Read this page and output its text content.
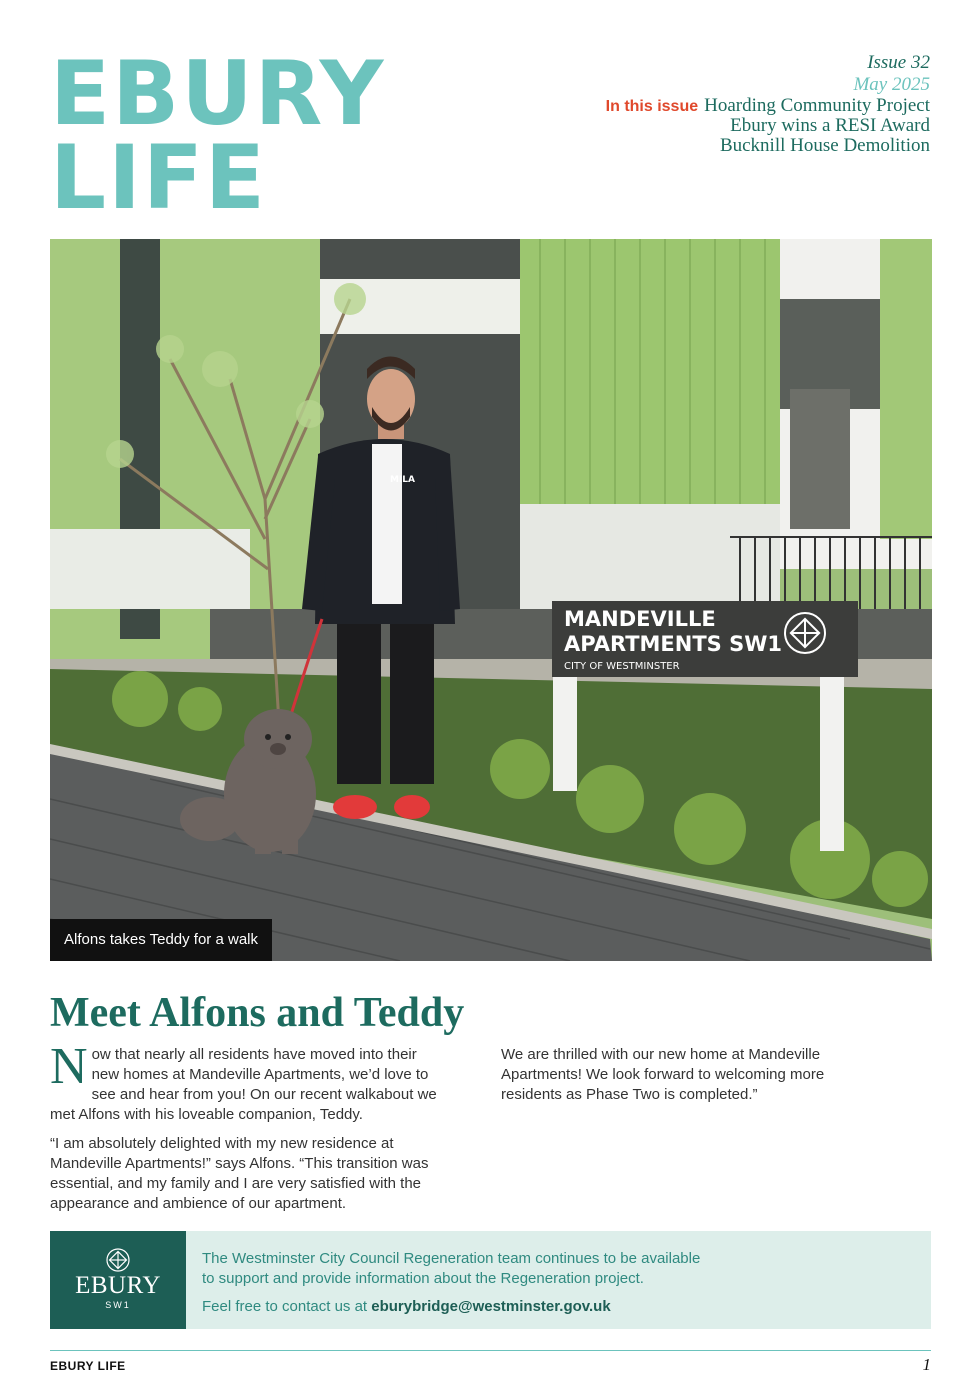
EBURY
LIFE
Issue 32
May 2025
In this issue Hoarding Community Project
Ebury wins a RESI Award
Bucknill House Demolition
MANDEVILLE
APARTMENTS SW1
CITY OF WESTMINSTER
MILA
Alfons takes Teddy for a walk
Meet Alfons and Teddy

Now that nearly all residents have moved into their new homes at Mandeville Apartments, we’d love to see and hear from you! On our recent walkabout we met Alfons with his loveable companion, Teddy.

“I am absolutely delighted with my new residence at Mandeville Apartments!” says Alfons. “This transition was essential, and my family and I are very satisfied with the appearance and ambience of our apartment.

We are thrilled with our new home at Mandeville Apartments! We look forward to welcoming more residents as Phase Two is completed.”

EBURY
SW1
The Westminster City Council Regeneration team continues to be available
to support and provide information about the Regeneration project.
Feel free to contact us at eburybridge@westminster.gov.uk
EBURY LIFE	1
